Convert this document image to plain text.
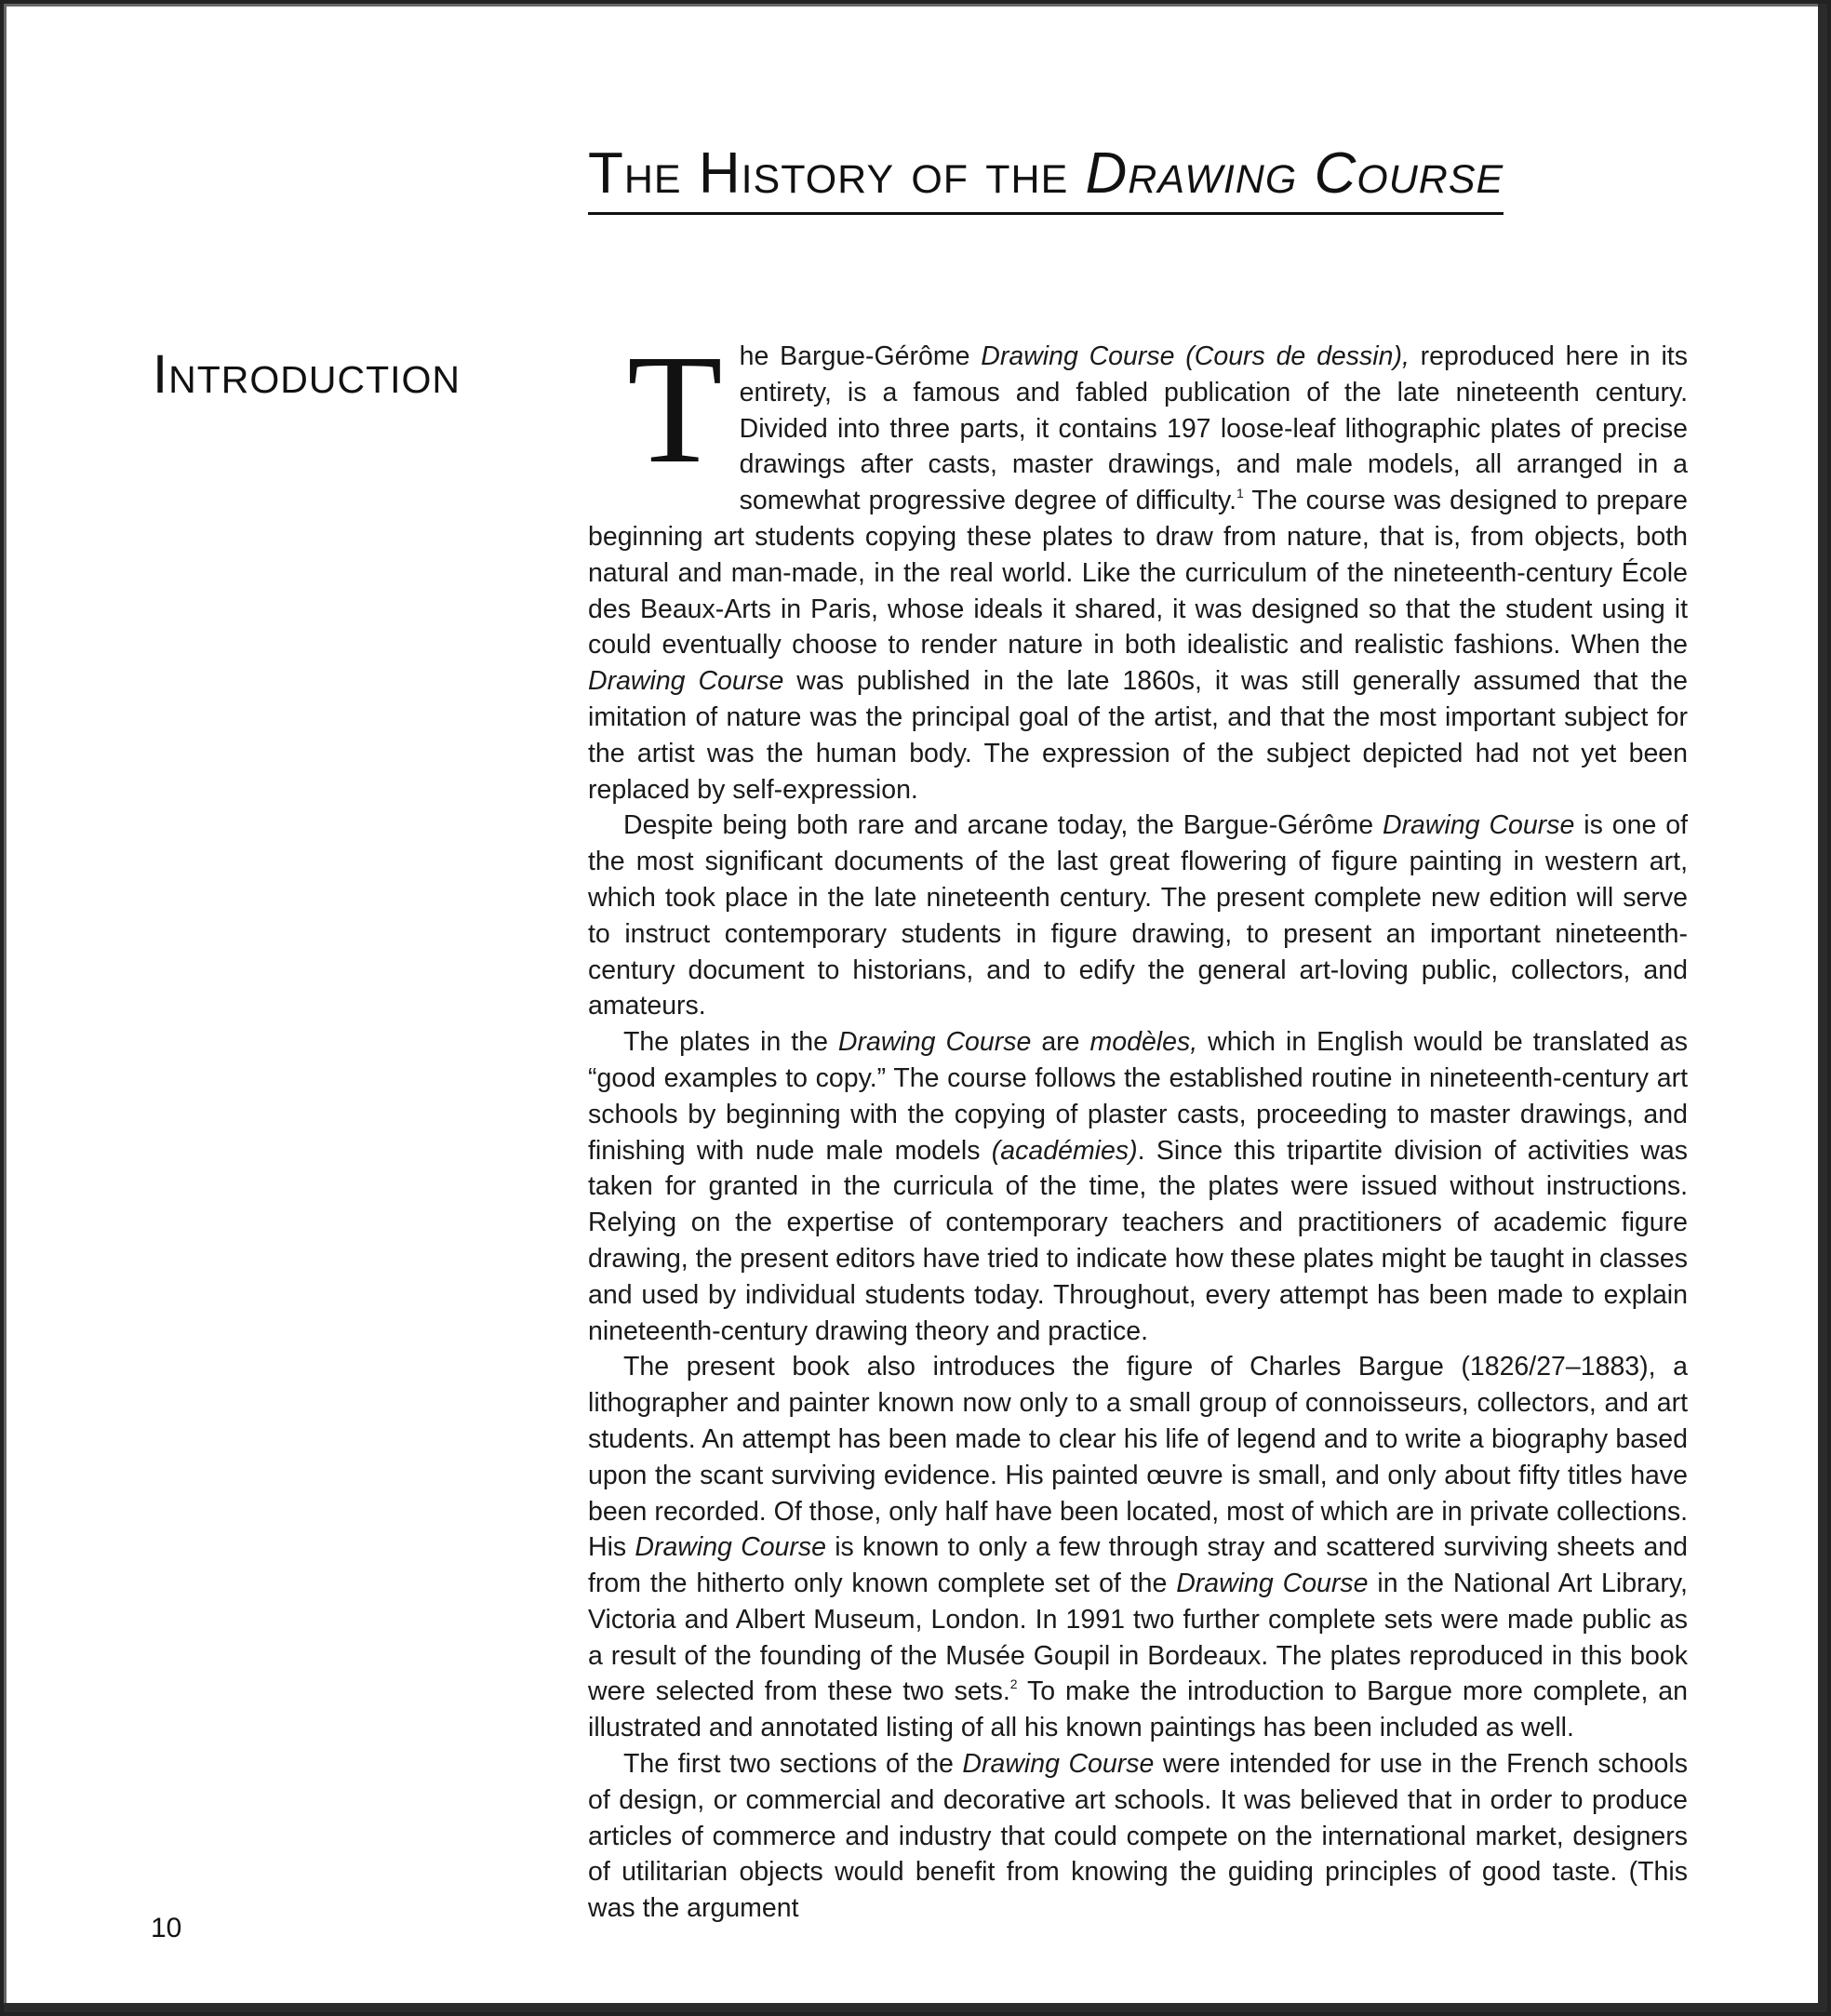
The History of the Drawing Course
Introduction The Bargue-Gérôme Drawing Course (Cours de dessin), reproduced here in its entirety, is a famous and fabled publication of the late nineteenth century. Divided into three parts, it contains 197 loose-leaf lithographic plates of precise drawings after casts, master drawings, and male models, all arranged in a somewhat progressive degree of difficulty.$^1$ The course was designed to prepare beginning art students copying these plates to draw from nature, that is, from objects, both natural and man-made, in the real world. Like the curriculum of the nineteenth-century École des Beaux-Arts in Paris, whose ideals it shared, it was designed so that the student using it could eventually choose to render nature in both idealistic and realistic fashions. When the Drawing Course was published in the late 1860s, it was still generally assumed that the imitation of nature was the principal goal of the artist, and that the most important subject for the artist was the human body. The expression of the subject depicted had not yet been replaced by self-expression.

Despite being both rare and arcane today, the Bargue-Gérôme Drawing Course is one of the most significant documents of the last great flowering of figure painting in western art, which took place in the late nineteenth century. The present complete new edition will serve to instruct contemporary students in figure drawing, to present an important nineteenth-century document to historians, and to edify the general art-loving public, collectors, and amateurs.

The plates in the Drawing Course are modèles, which in English would be translated as “good examples to copy.” The course follows the established routine in nineteenth-century art schools by beginning with the copying of plaster casts, proceeding to master drawings, and finishing with nude male models (académies). Since this tripartite division of activities was taken for granted in the curricula of the time, the plates were issued without instructions. Relying on the expertise of contemporary teachers and practitioners of academic figure drawing, the present editors have tried to indicate how these plates might be taught in classes and used by individual students today. Throughout, every attempt has been made to explain nineteenth-century drawing theory and practice.

The present book also introduces the figure of Charles Bargue (1826/27–1883), a lithographer and painter known now only to a small group of connoisseurs, collectors, and art students. An attempt has been made to clear his life of legend and to write a biography based upon the scant surviving evidence. His painted œuvre is small, and only about fifty titles have been recorded. Of those, only half have been located, most of which are in private collections. His Drawing Course is known to only a few through stray and scattered surviving sheets and from the hitherto only known complete set of the Drawing Course in the National Art Library, Victoria and Albert Museum, London. In 1991 two further complete sets were made public as a result of the founding of the Musée Goupil in Bordeaux. The plates reproduced in this book were selected from these two sets.$^2$ To make the introduction to Bargue more complete, an illustrated and annotated listing of all his known paintings has been included as well.

The first two sections of the Drawing Course were intended for use in the French schools of design, or commercial and decorative art schools. It was believed that in order to produce articles of commerce and industry that could compete on the international market, designers of utilitarian objects would benefit from knowing the guiding principles of good taste. (This was the argument

10
